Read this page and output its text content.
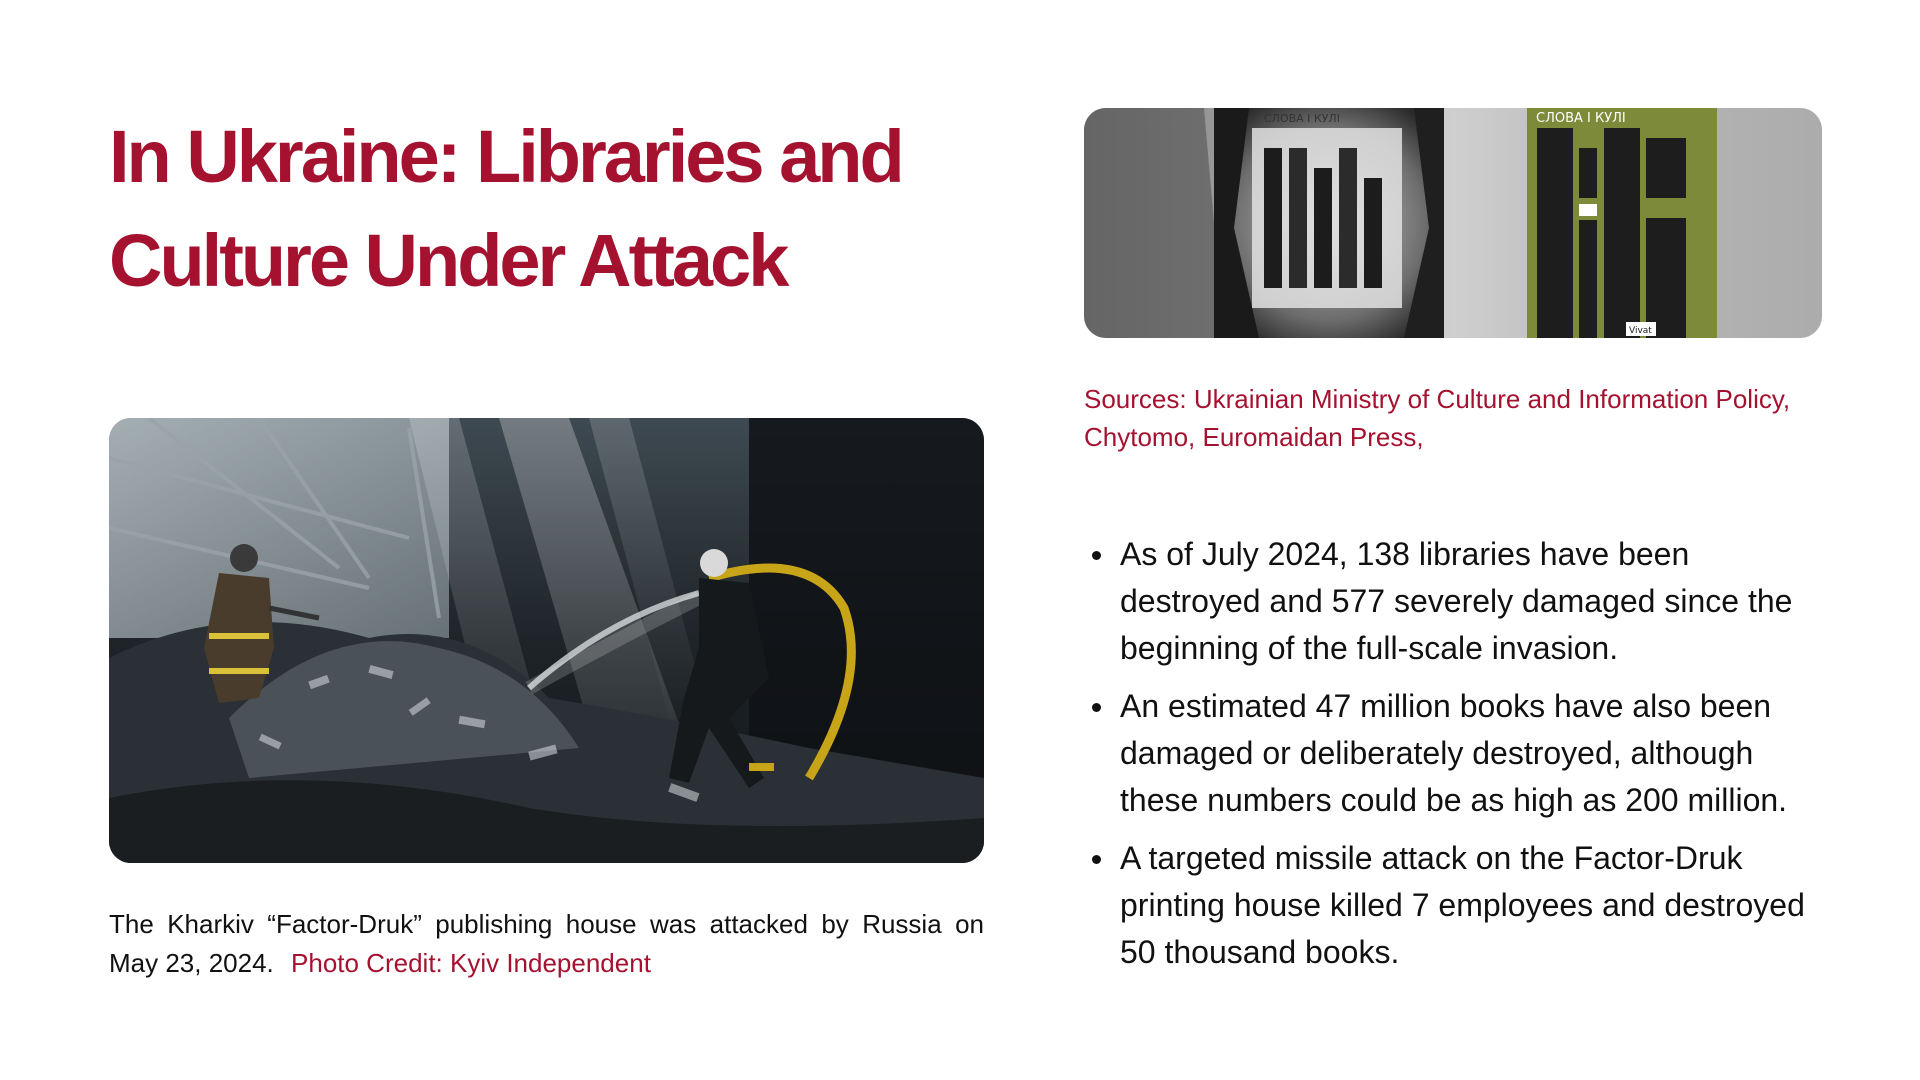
In Ukraine: Libraries and Culture Under Attack
СЛОВА І КУЛІ	СЛОВА І КУЛІ
Vivat
Sources: Ukrainian Ministry of Culture and Information Policy, Chytomo, Euromaidan Press,
The Kharkiv “Factor-Druk” publishing house was attacked by Russia on May 23, 2024. Photo Credit: Kyiv Independent
As of July 2024, 138 libraries have been destroyed and 577 severely damaged since the beginning of the full-scale invasion.
An estimated 47 million books have also been damaged or deliberately destroyed, although these numbers could be as high as 200 million.
A targeted missile attack on the Factor-Druk printing house killed 7 employees and destroyed 50 thousand books.
